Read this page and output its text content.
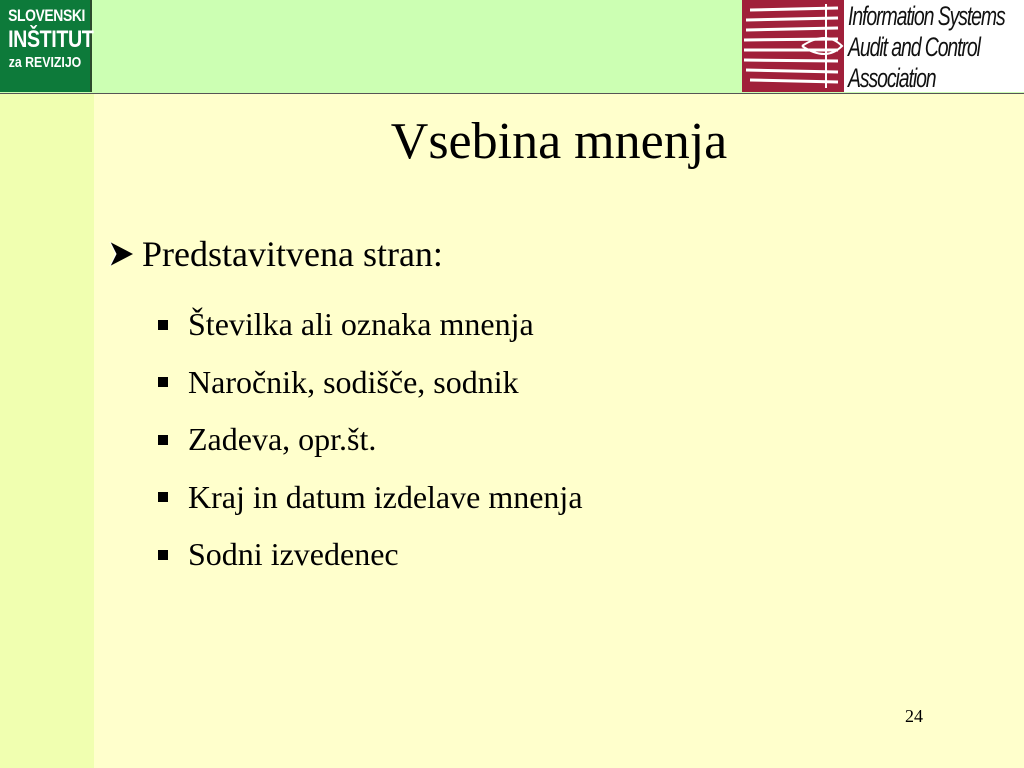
SLOVENSKI
INŠTITUT
za REVIZIJO
Information Systems
Audit and Control
Association
Vsebina mnenja
Predstavitvena stran:
Številka ali oznaka mnenja
Naročnik, sodišče, sodnik
Zadeva, opr.št.
Kraj in datum izdelave mnenja
Sodni izvedenec
24
